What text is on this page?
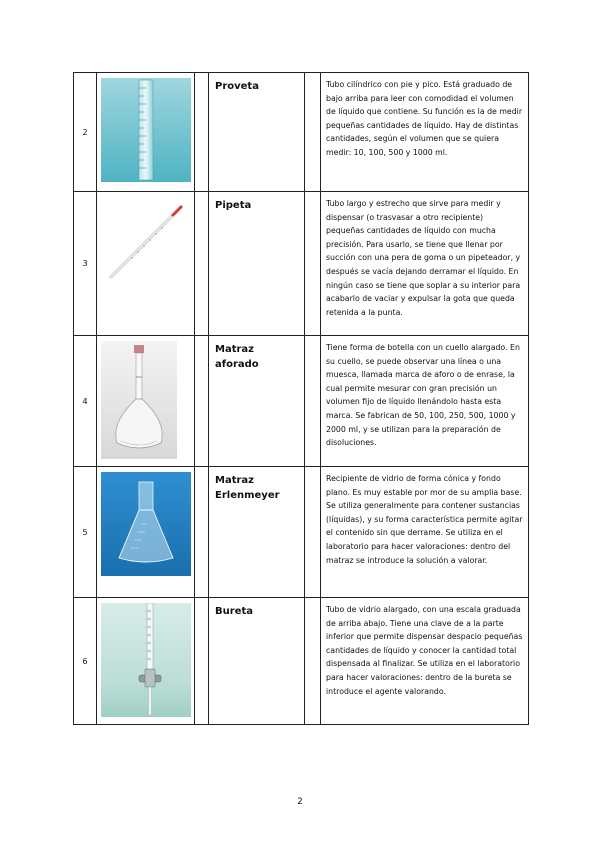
2			Proveta		Tubo cilíndrico con pie y pico. Está graduado de bajo arriba para leer con comodidad el volumen de líquido que contiene. Su función es la de medir pequeñas cantidades de líquido. Hay de distintas cantidades, según el volumen que se quiera medir: 10, 100, 500 y 1000 ml.
3			Pipeta		Tubo largo y estrecho que sirve para medir y dispensar (o trasvasar a otro recipiente) pequeñas cantidades de líquido con mucha precisión. Para usarlo, se tiene que llenar por succión con una pera de goma o un pipeteador, y después se vacía dejando derramar el líquido. En ningún caso se tiene que soplar a su interior para acabarlo de vaciar y expulsar la gota que queda retenida a la punta.
4			Matraz aforado		Tiene forma de botella con un cuello alargado. En su cuello, se puede observar una línea o una muesca, llamada marca de aforo o de enrase, la cual permite mesurar con gran precisión un volumen fijo de líquido llenándolo hasta esta marca. Se fabrican de 50, 100, 250, 500, 1000 y 2000 ml, y se utilizan para la preparación de disoluciones.
5			Matraz Erlenmeyer		Recipiente de vidrio de forma cónica y fondo plano. Es muy estable por mor de su amplia base.
Se utiliza generalmente para contener sustancias (líquidas), y su forma característica permite agitar el contenido sin que derrame. Se utiliza en el laboratorio para hacer valoraciones: dentro del matraz se introduce la solución a valorar.
6			Bureta		Tubo de vidrio alargado, con una escala graduada de arriba abajo. Tiene una clave de a la parte inferior que permite dispensar despacio pequeñas cantidades de líquido y conocer la cantidad total dispensada al finalizar. Se utiliza en el laboratorio para hacer valoraciones: dentro de la bureta se introduce el agente valorando.
2
